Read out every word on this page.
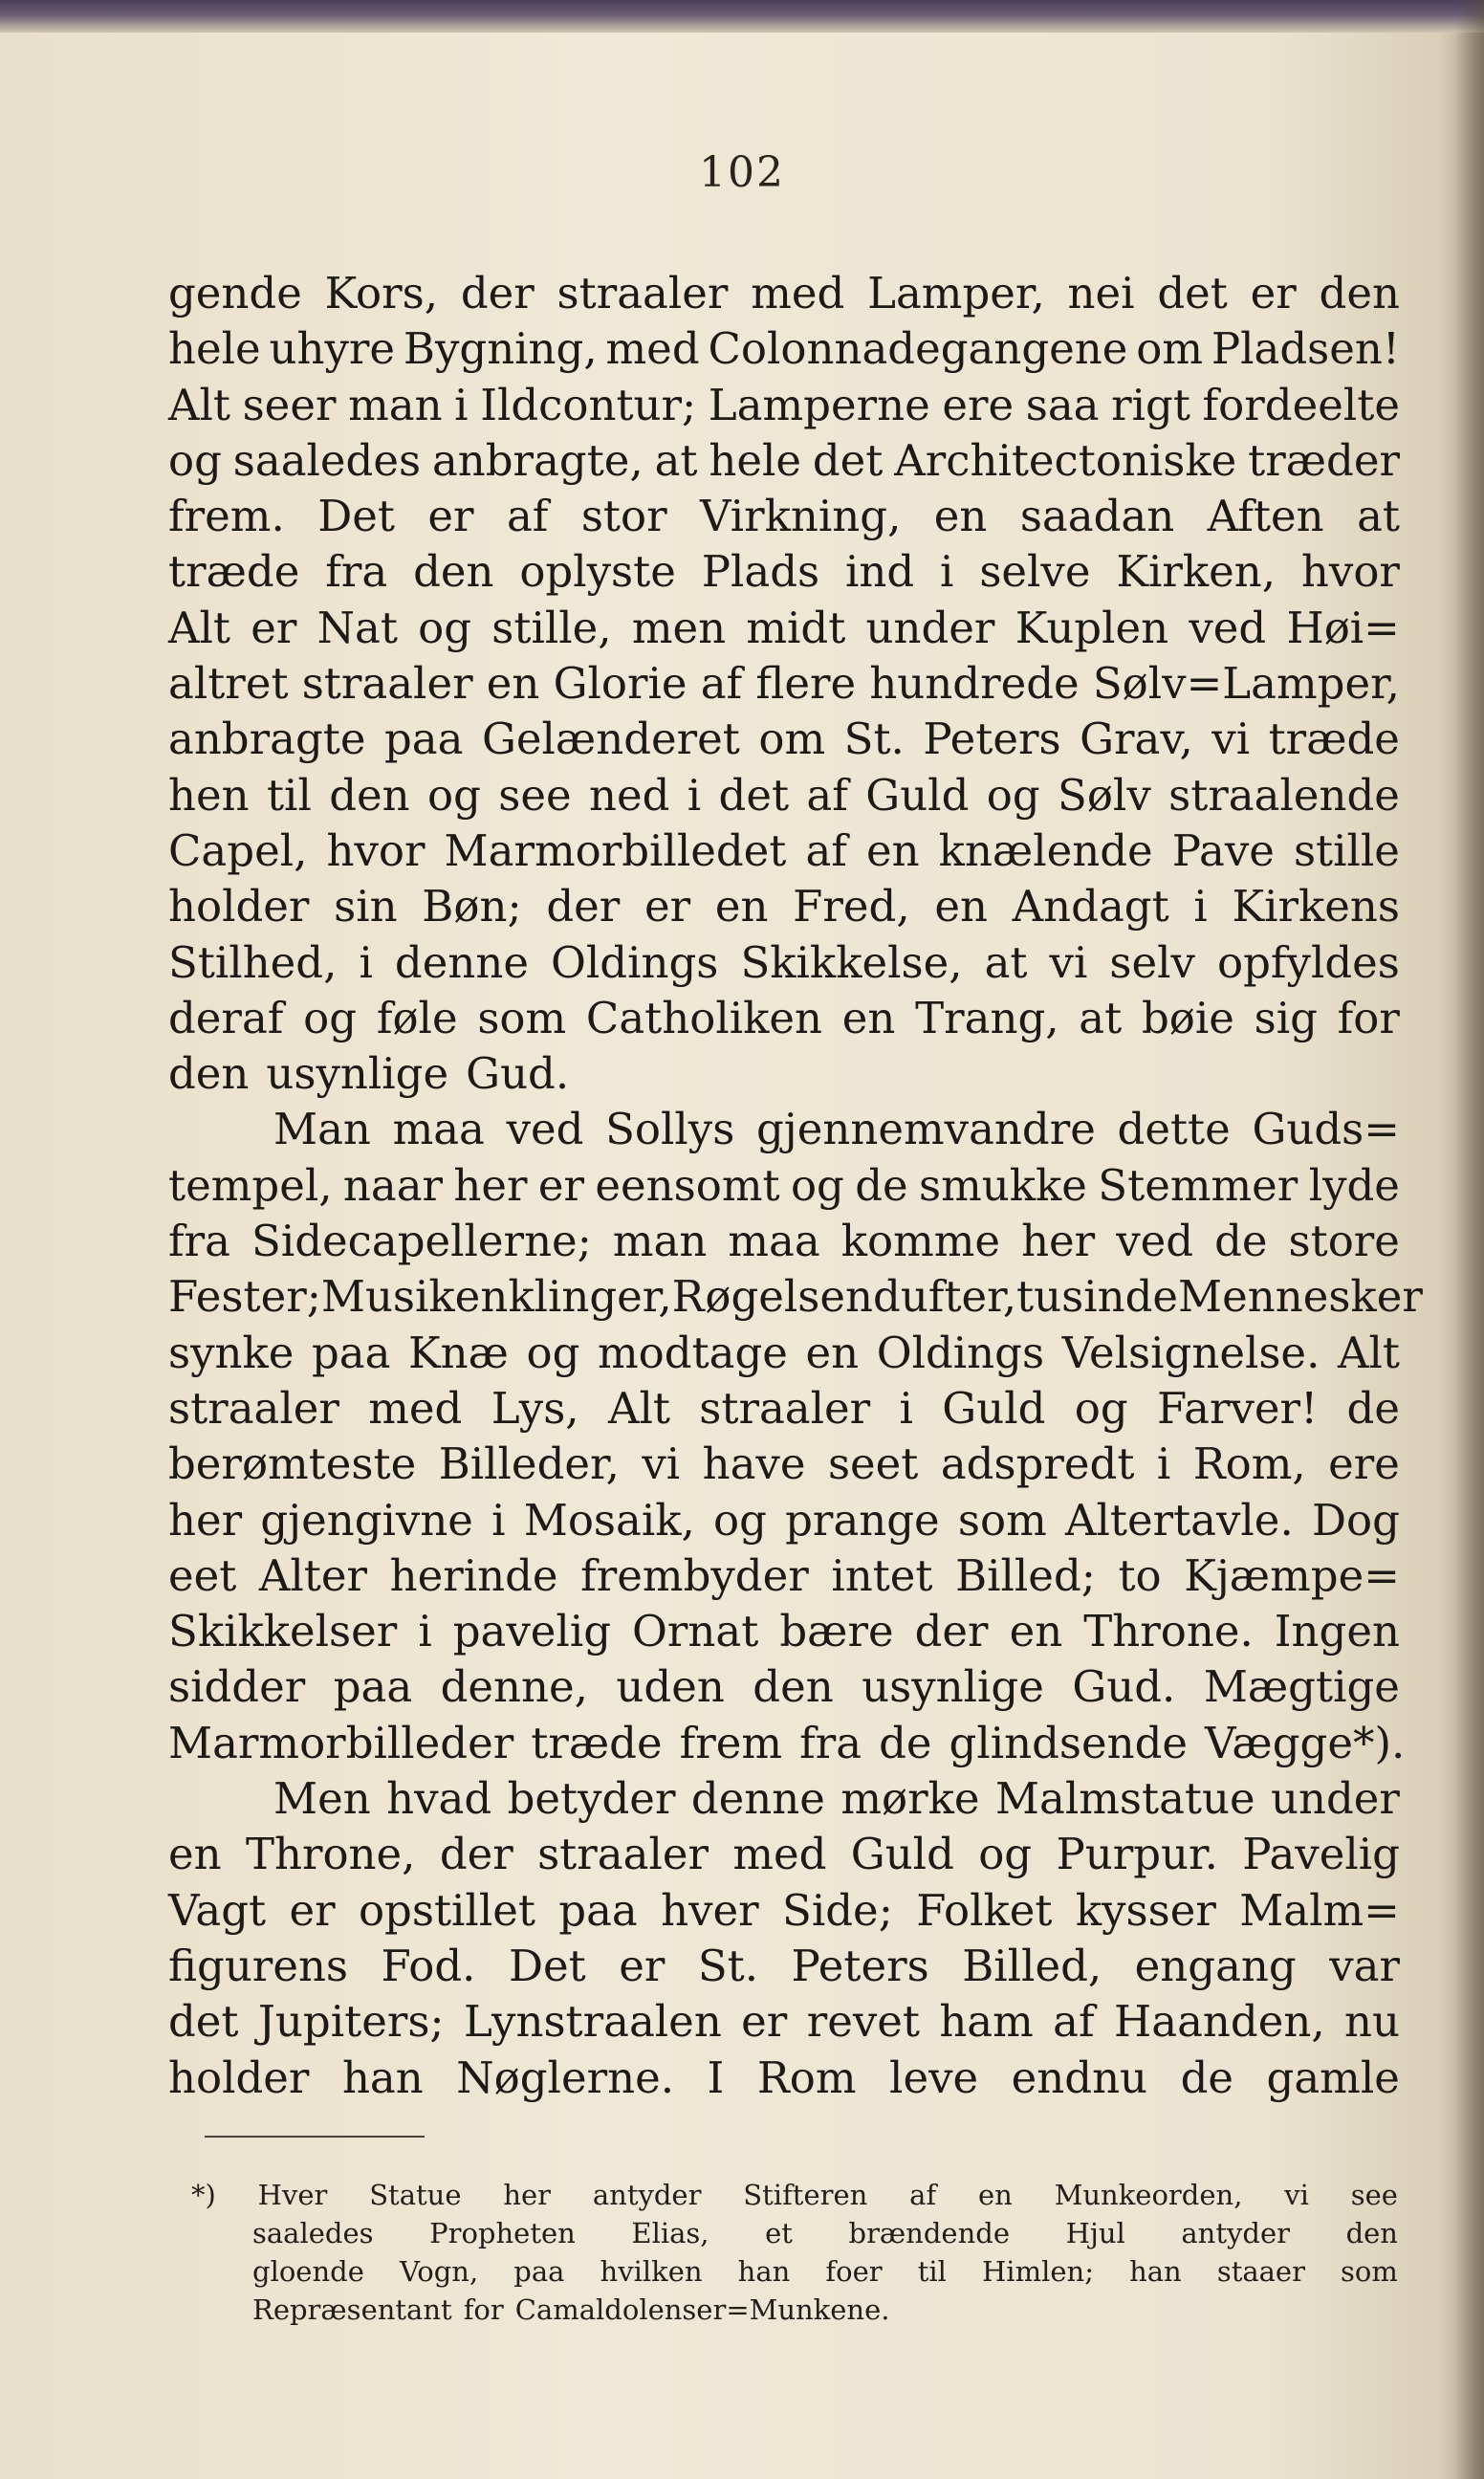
102
gende Kors, der straaler med Lamper, nei det er den
hele uhyre Bygning, med Colonnadegangene om Pladsen!
Alt seer man i Ildcontur; Lamperne ere saa rigt fordeelte
og saaledes anbragte, at hele det Architectoniske træder
frem. Det er af stor Virkning, en saadan Aften at
træde fra den oplyste Plads ind i selve Kirken, hvor
Alt er Nat og stille, men midt under Kuplen ved Høi=
altret straaler en Glorie af flere hundrede Sølv=Lamper,
anbragte paa Gelænderet om St. Peters Grav, vi træde
hen til den og see ned i det af Guld og Sølv straalende
Capel, hvor Marmorbilledet af en knælende Pave stille
holder sin Bøn; der er en Fred, en Andagt i Kirkens
Stilhed, i denne Oldings Skikkelse, at vi selv opfyldes
deraf og føle som Catholiken en Trang, at bøie sig for
den usynlige Gud.
Man maa ved Sollys gjennemvandre dette Guds=
tempel, naar her er eensomt og de smukke Stemmer lyde
fra Sidecapellerne; man maa komme her ved de store
Fester; Musiken klinger, Røgelsen dufter, tusinde Mennesker
synke paa Knæ og modtage en Oldings Velsignelse. Alt
straaler med Lys, Alt straaler i Guld og Farver! de
berømteste Billeder, vi have seet adspredt i Rom, ere
her gjengivne i Mosaik, og prange som Altertavle. Dog
eet Alter herinde frembyder intet Billed; to Kjæmpe=
Skikkelser i pavelig Ornat bære der en Throne. Ingen
sidder paa denne, uden den usynlige Gud. Mægtige
Marmorbilleder træde frem fra de glindsende Vægge*).
Men hvad betyder denne mørke Malmstatue under
en Throne, der straaler med Guld og Purpur. Pavelig
Vagt er opstillet paa hver Side; Folket kysser Malm=
figurens Fod. Det er St. Peters Billed, engang var
det Jupiters; Lynstraalen er revet ham af Haanden, nu
holder han Nøglerne. I Rom leve endnu de gamle
*) Hver Statue her antyder Stifteren af en Munkeorden, vi see
saaledes Propheten Elias, et brændende Hjul antyder den
gloende Vogn, paa hvilken han foer til Himlen; han staaer som
Repræsentant for Camaldolenser=Munkene.
